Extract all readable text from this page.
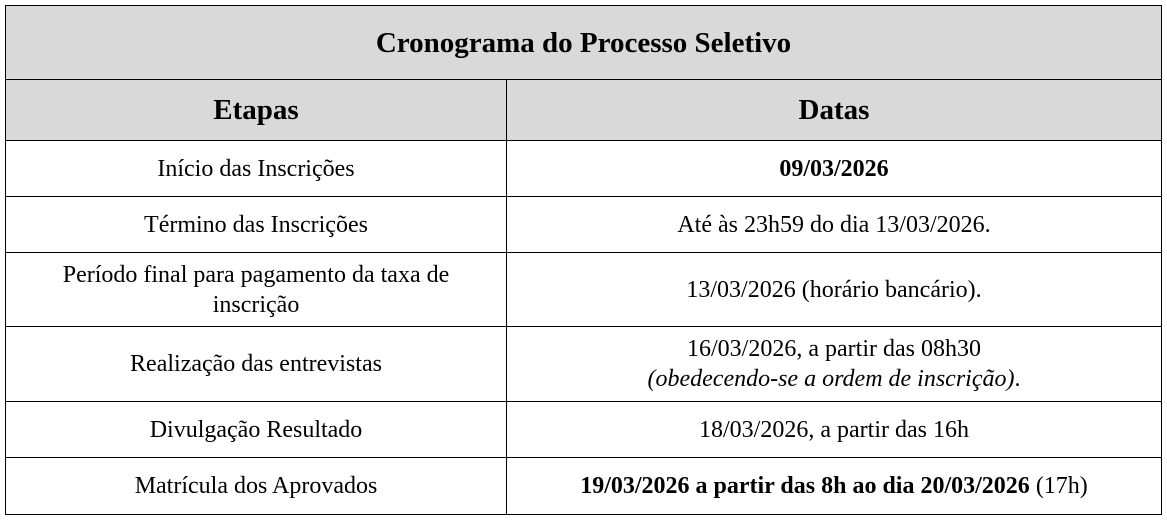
Cronograma do Processo Seletivo	
Etapas	Datas
Início das Inscrições	09/03/2026
Término das Inscrições	Até às 23h59 do dia 13/03/2026.

Período final para pagamento da taxa de
inscrição	13/03/2026 (horário bancário).
Realização das entrevistas	16/03/2026, a partir das 08h30
(obedecendo-se a ordem de inscrição).

Divulgação Resultado	18/03/2026, a partir das 16h
Matrícula dos Aprovados	19/03/2026 a partir das 8h ao dia 20/03/2026 (17h)
